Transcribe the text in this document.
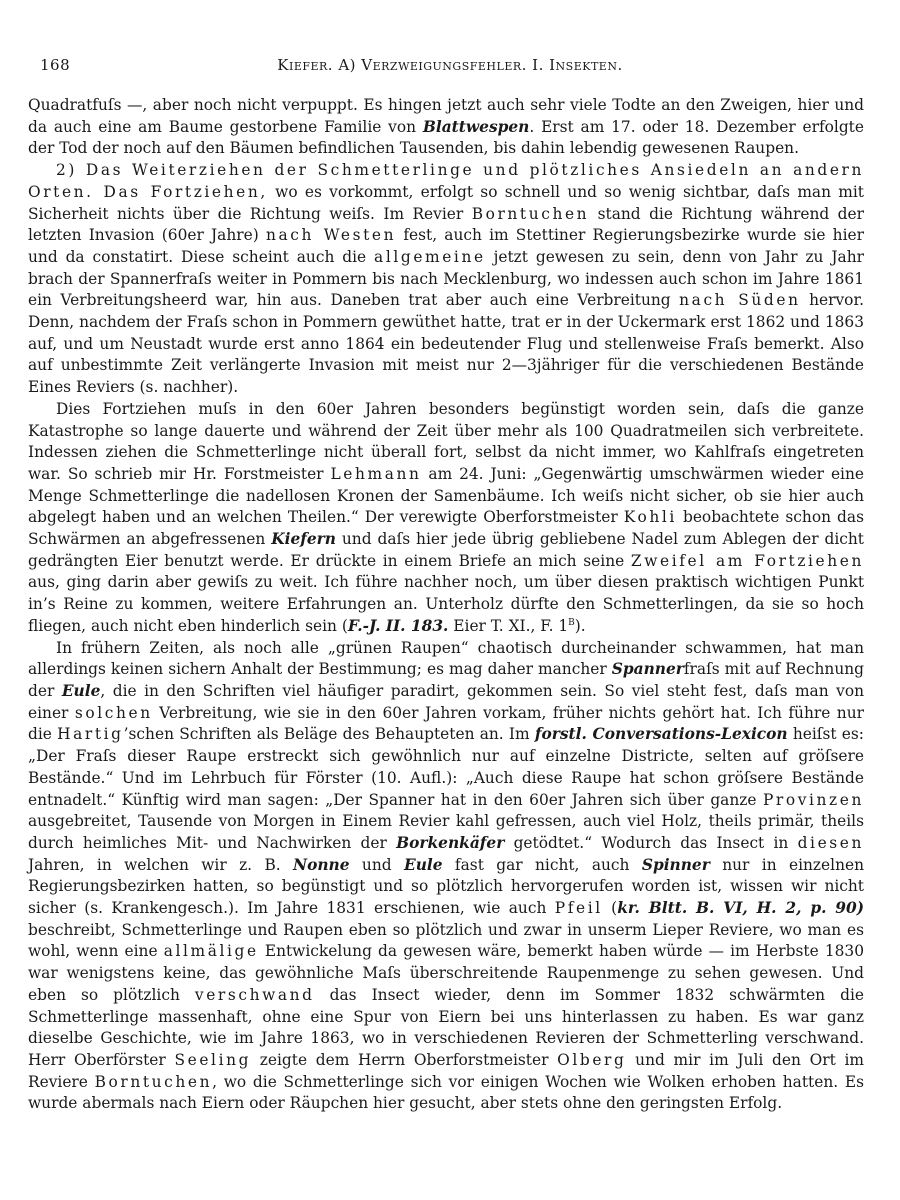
168	Kiefer. A) Verzweigungsfehler. I. Insekten.

Quadratfuſs —, aber noch nicht verpuppt. Es hingen jetzt auch sehr viele Todte an den Zweigen, hier und da auch eine am Baume gestorbene Familie von Blattwespen. Erst am 17. oder 18. Dezember erfolgte der Tod der noch auf den Bäumen befindlichen Tausenden, bis dahin lebendig gewesenen Raupen.

2) Das Weiterziehen der Schmetterlinge und plötzliches Ansiedeln an andern Orten. Das Fortziehen, wo es vorkommt, erfolgt so schnell und so wenig sichtbar, daſs man mit Sicherheit nichts über die Richtung weiſs. Im Revier Borntuchen stand die Richtung während der letzten Invasion (60er Jahre) nach Westen fest, auch im Stettiner Regierungsbezirke wurde sie hier und da constatirt. Diese scheint auch die allgemeine jetzt gewesen zu sein, denn von Jahr zu Jahr brach der Spannerfraſs weiter in Pommern bis nach Mecklenburg, wo indessen auch schon im Jahre 1861 ein Verbreitungsheerd war, hin aus. Daneben trat aber auch eine Verbreitung nach Süden hervor. Denn, nachdem der Fraſs schon in Pommern gewüthet hatte, trat er in der Uckermark erst 1862 und 1863 auf, und um Neustadt wurde erst anno 1864 ein bedeutender Flug und stellenweise Fraſs bemerkt. Also auf unbestimmte Zeit verlängerte Invasion mit meist nur 2—3jähriger für die verschiedenen Bestände Eines Reviers (s. nachher).

Dies Fortziehen muſs in den 60er Jahren besonders begünstigt worden sein, daſs die ganze Katastrophe so lange dauerte und während der Zeit über mehr als 100 Quadratmeilen sich verbreitete. Indessen ziehen die Schmetterlinge nicht überall fort, selbst da nicht immer, wo Kahlfraſs eingetreten war. So schrieb mir Hr. Forstmeister Lehmann am 24. Juni: „Gegenwärtig umschwärmen wieder eine Menge Schmetterlinge die nadellosen Kronen der Samenbäume. Ich weiſs nicht sicher, ob sie hier auch abgelegt haben und an welchen Theilen.“ Der verewigte Oberforstmeister Kohli beobachtete schon das Schwärmen an abgefressenen Kiefern und daſs hier jede übrig gebliebene Nadel zum Ablegen der dicht gedrängten Eier benutzt werde. Er drückte in einem Briefe an mich seine Zweifel am Fortziehen aus, ging darin aber gewiſs zu weit. Ich führe nachher noch, um über diesen praktisch wichtigen Punkt in’s Reine zu kommen, weitere Erfahrungen an. Unterholz dürfte den Schmetterlingen, da sie so hoch fliegen, auch nicht eben hinderlich sein (F.-J. II. 183. Eier T. XI., F. $1^B$).

In frühern Zeiten, als noch alle „grünen Raupen“ chaotisch durcheinander schwammen, hat man allerdings keinen sichern Anhalt der Bestimmung; es mag daher mancher Spannerfraſs mit auf Rechnung der Eule, die in den Schriften viel häufiger paradirt, gekommen sein. So viel steht fest, daſs man von einer solchen Verbreitung, wie sie in den 60er Jahren vorkam, früher nichts gehört hat. Ich führe nur die Hartig’schen Schriften als Beläge des Behaupteten an. Im forstl. Conversations-Lexicon heiſst es: „Der Fraſs dieser Raupe erstreckt sich gewöhnlich nur auf einzelne Districte, selten auf gröſsere Bestände.“ Und im Lehrbuch für Förster (10. Aufl.): „Auch diese Raupe hat schon gröſsere Bestände entnadelt.“ Künftig wird man sagen: „Der Spanner hat in den 60er Jahren sich über ganze Provinzen ausgebreitet, Tausende von Morgen in Einem Revier kahl gefressen, auch viel Holz, theils primär, theils durch heimliches Mit- und Nachwirken der Borkenkäfer getödtet.“ Wodurch das Insect in diesen Jahren, in welchen wir z. B. Nonne und Eule fast gar nicht, auch Spinner nur in einzelnen Regierungsbezirken hatten, so begünstigt und so plötzlich hervorgerufen worden ist, wissen wir nicht sicher (s. Krankengesch.). Im Jahre 1831 erschienen, wie auch Pfeil (kr. Bltt. B. VI, H. 2, p. 90) beschreibt, Schmetterlinge und Raupen eben so plötzlich und zwar in unserm Lieper Reviere, wo man es wohl, wenn eine allmälige Entwickelung da gewesen wäre, bemerkt haben würde — im Herbste 1830 war wenigstens keine, das gewöhnliche Maſs überschreitende Raupenmenge zu sehen gewesen. Und eben so plötzlich verschwand das Insect wieder, denn im Sommer 1832 schwärmten die Schmetterlinge massenhaft, ohne eine Spur von Eiern bei uns hinterlassen zu haben. Es war ganz dieselbe Geschichte, wie im Jahre 1863, wo in verschiedenen Revieren der Schmetterling verschwand. Herr Oberförster Seeling zeigte dem Herrn Oberforstmeister Olberg und mir im Juli den Ort im Reviere Borntuchen, wo die Schmetterlinge sich vor einigen Wochen wie Wolken erhoben hatten. Es wurde abermals nach Eiern oder Räupchen hier gesucht, aber stets ohne den geringsten Erfolg.
